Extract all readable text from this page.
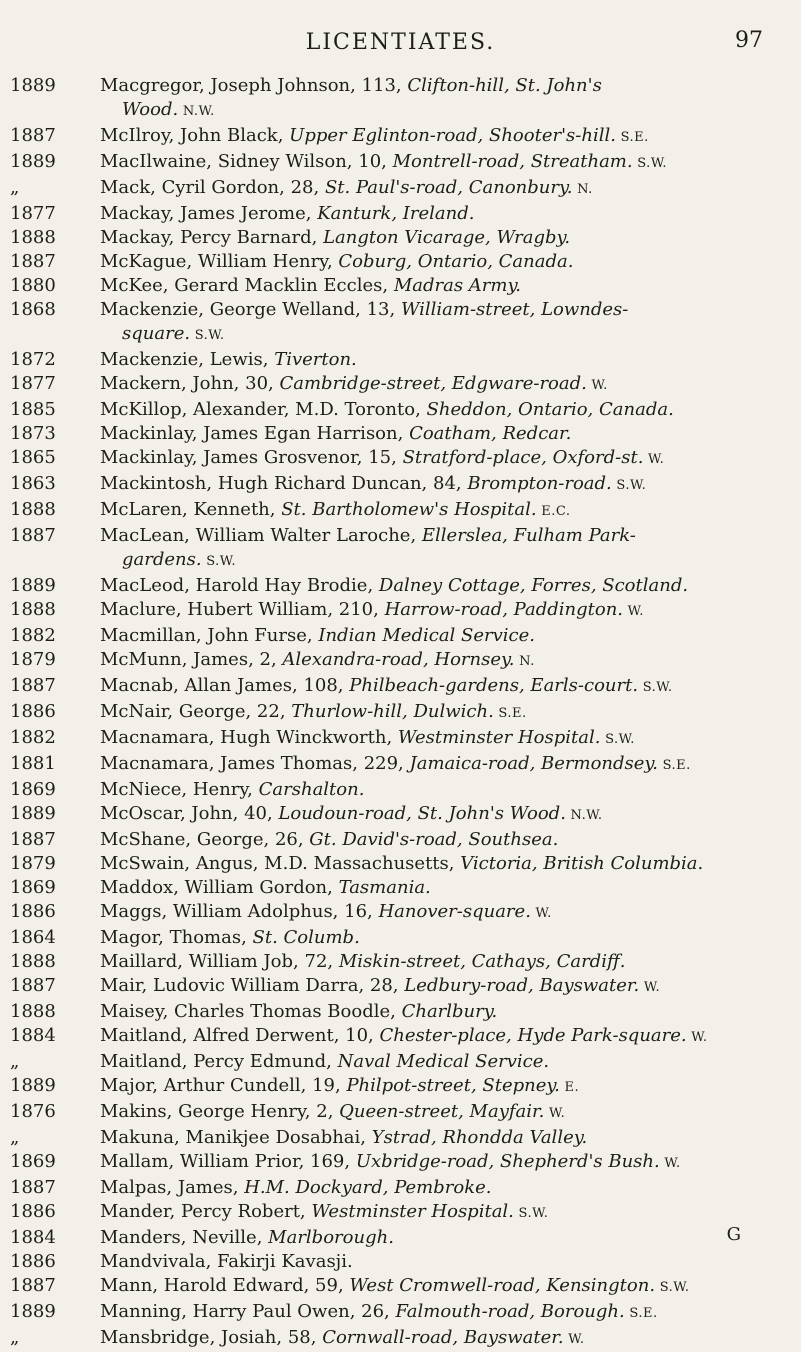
LICENTIATES.	97
1889	Macgregor, Joseph Johnson, 113, Clifton-hill, St. John's
Wood. N.W.
1887	McIlroy, John Black, Upper Eglinton-road, Shooter's-hill. S.E.
1889	MacIlwaine, Sidney Wilson, 10, Montrell-road, Streatham. S.W.
„	Mack, Cyril Gordon, 28, St. Paul's-road, Canonbury. N.
1877	Mackay, James Jerome, Kanturk, Ireland.
1888	Mackay, Percy Barnard, Langton Vicarage, Wragby.
1887	McKague, William Henry, Coburg, Ontario, Canada.
1880	McKee, Gerard Macklin Eccles, Madras Army.
1868	Mackenzie, George Welland, 13, William-street, Lowndes-
square. S.W.
1872	Mackenzie, Lewis, Tiverton.
1877	Mackern, John, 30, Cambridge-street, Edgware-road. W.
1885	McKillop, Alexander, M.D. Toronto, Sheddon, Ontario, Canada.
1873	Mackinlay, James Egan Harrison, Coatham, Redcar.
1865	Mackinlay, James Grosvenor, 15, Stratford-place, Oxford-st. W.
1863	Mackintosh, Hugh Richard Duncan, 84, Brompton-road. S.W.
1888	McLaren, Kenneth, St. Bartholomew's Hospital. E.C.
1887	MacLean, William Walter Laroche, Ellerslea, Fulham Park-
gardens. S.W.
1889	MacLeod, Harold Hay Brodie, Dalney Cottage, Forres, Scotland.
1888	Maclure, Hubert William, 210, Harrow-road, Paddington. W.
1882	Macmillan, John Furse, Indian Medical Service.
1879	McMunn, James, 2, Alexandra-road, Hornsey. N.
1887	Macnab, Allan James, 108, Philbeach-gardens, Earls-court. S.W.
1886	McNair, George, 22, Thurlow-hill, Dulwich. S.E.
1882	Macnamara, Hugh Winckworth, Westminster Hospital. S.W.
1881	Macnamara, James Thomas, 229, Jamaica-road, Bermondsey. S.E.
1869	McNiece, Henry, Carshalton.
1889	McOscar, John, 40, Loudoun-road, St. John's Wood. N.W.
1887	McShane, George, 26, Gt. David's-road, Southsea.
1879	McSwain, Angus, M.D. Massachusetts, Victoria, British Columbia.
1869	Maddox, William Gordon, Tasmania.
1886	Maggs, William Adolphus, 16, Hanover-square. W.
1864	Magor, Thomas, St. Columb.
1888	Maillard, William Job, 72, Miskin-street, Cathays, Cardiff.
1887	Mair, Ludovic William Darra, 28, Ledbury-road, Bayswater. W.
1888	Maisey, Charles Thomas Boodle, Charlbury.
1884	Maitland, Alfred Derwent, 10, Chester-place, Hyde Park-square. W.
„	Maitland, Percy Edmund, Naval Medical Service.
1889	Major, Arthur Cundell, 19, Philpot-street, Stepney. E.
1876	Makins, George Henry, 2, Queen-street, Mayfair. W.
„	Makuna, Manikjee Dosabhai, Ystrad, Rhondda Valley.
1869	Mallam, William Prior, 169, Uxbridge-road, Shepherd's Bush. W.
1887	Malpas, James, H.M. Dockyard, Pembroke.
1886	Mander, Percy Robert, Westminster Hospital. S.W.
1884	Manders, Neville, Marlborough.
1886	Mandvivala, Fakirji Kavasji.
1887	Mann, Harold Edward, 59, West Cromwell-road, Kensington. S.W.
1889	Manning, Harry Paul Owen, 26, Falmouth-road, Borough. S.E.
„	Mansbridge, Josiah, 58, Cornwall-road, Bayswater. W.
G
